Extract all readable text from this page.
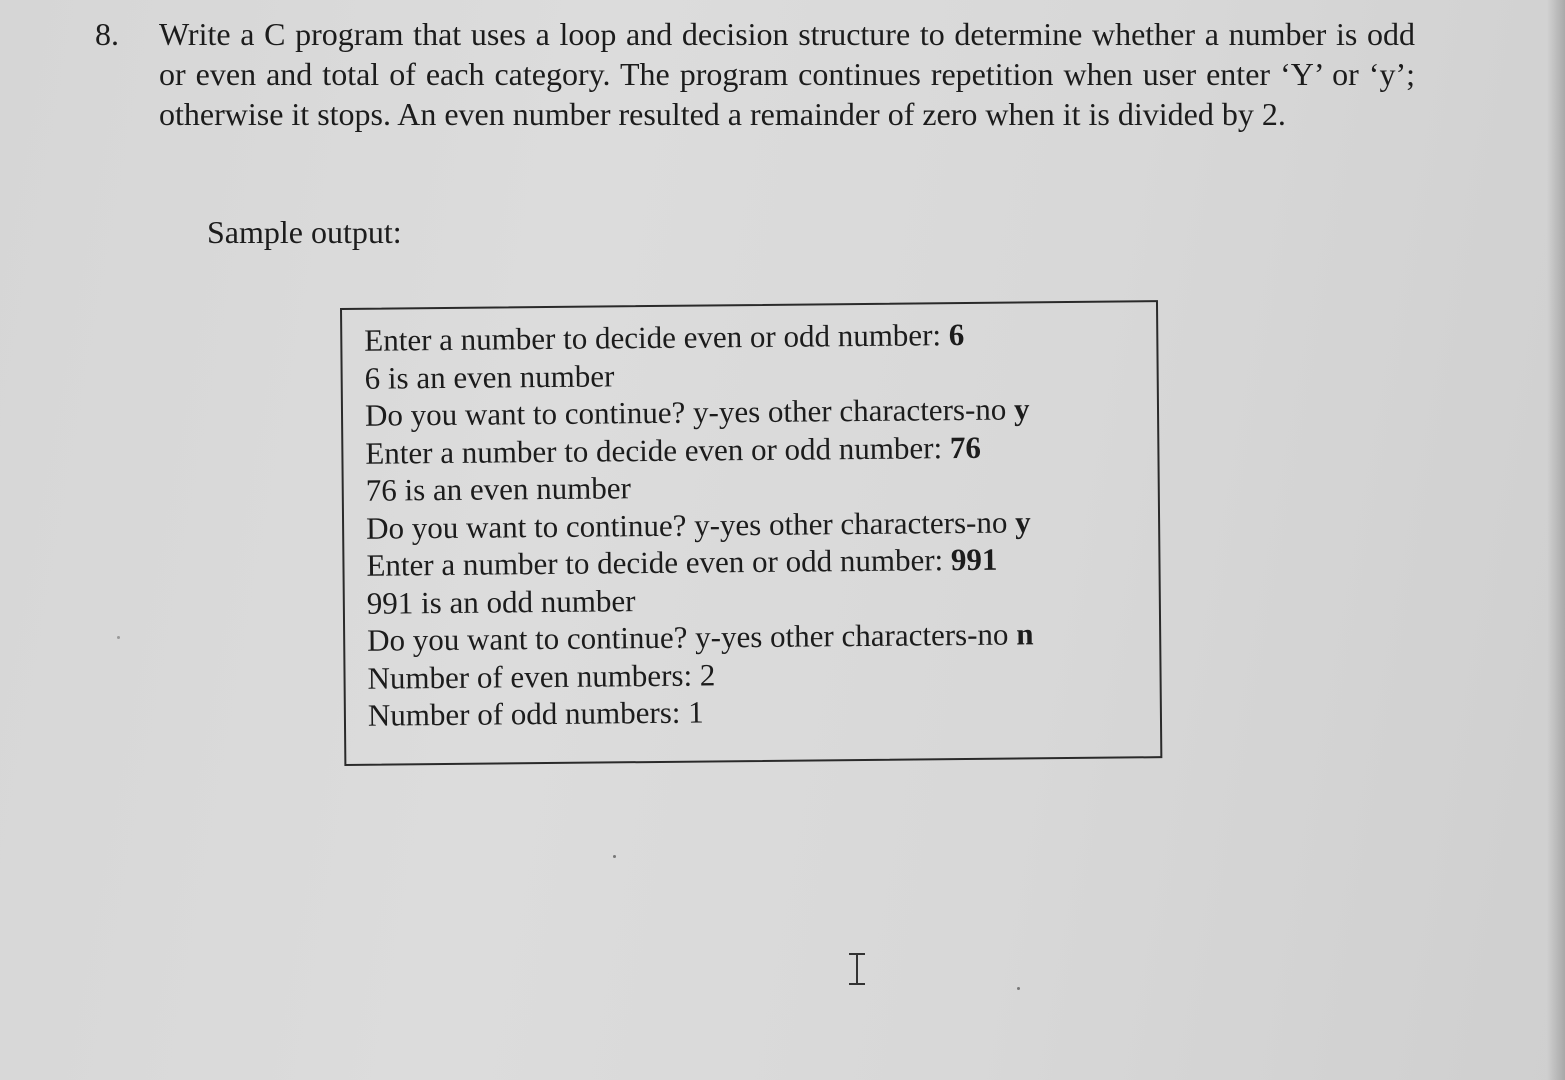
8. Write a C program that uses a loop and decision structure to determine whether a number is odd or even and total of each category. The program continues repetition when user enter ‘Y’ or ‘y’; otherwise it stops. An even number resulted a remainder of zero when it is divided by 2.
Sample output:
Enter a number to decide even or odd number: 6
6 is an even number
Do you want to continue? y-yes other characters-no y
Enter a number to decide even or odd number: 76
76 is an even number
Do you want to continue? y-yes other characters-no y
Enter a number to decide even or odd number: 991
991 is an odd number
Do you want to continue? y-yes other characters-no n
Number of even numbers: 2
Number of odd numbers: 1
